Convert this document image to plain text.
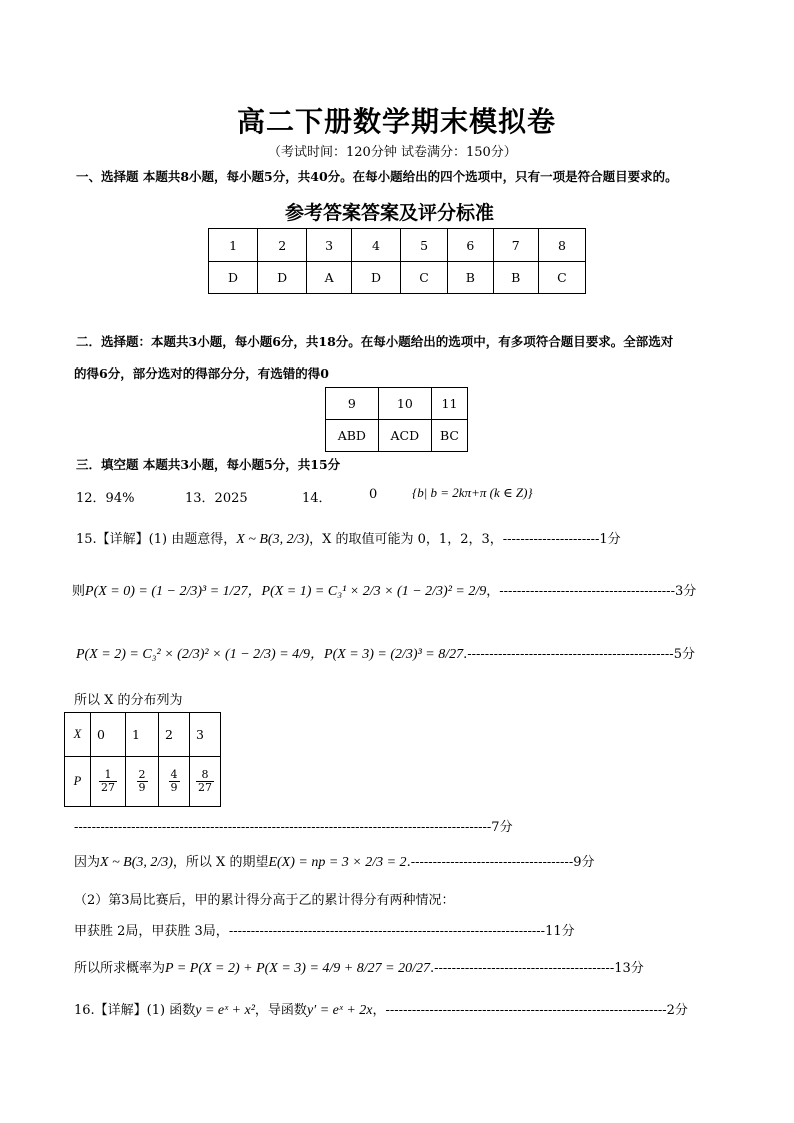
高二下册数学期末模拟卷
（考试时间：120分钟 试卷满分：150分）
一、选择题 本题共8小题，每小题5分，共40分。在每小题给出的四个选项中，只有一项是符合题目要求的。
参考答案答案及评分标准
1	2	3	4	5	6	7	8
D	D	A	D	C	B	B	C
二．选择题：本题共3小题，每小题6分，共18分。在每小题给出的选项中，有多项符合题目要求。全部选对
的得6分，部分选对的得部分分，有选错的得0
9	10	11
ABD	ACD	BC
三．填空题 本题共3小题，每小题5分，共15分
12．94%	13．2025	14．	0	{b| b = 2kπ+π (k ∈ Z)}
15.【详解】(1) 由题意得，X ~ B(3, 2/3)，X 的取值可能为 0，1，2，3，----------------------1分
则P(X = 0) = (1 − 2/3)³ = 1/27，P(X = 1) = C₃¹ × 2/3 × (1 − 2/3)² = 2/9，----------------------------------------3分
P(X = 2) = C₃² × (2/3)² × (1 − 2/3) = 4/9，P(X = 3) = (2/3)³ = 8/27.-----------------------------------------------5分
所以 X 的分布列为
X	0	1	2	3
P	$\frac{1}{27}$	$\frac{2}{9}$	$\frac{4}{9}$	$\frac{8}{27}$
-----------------------------------------------------------------------------------------------7分
因为X ~ B(3, 2/3)，所以 X 的期望E(X) = np = 3 × 2/3 = 2.-------------------------------------9分
（2）第3局比赛后，甲的累计得分高于乙的累计得分有两种情况：
甲获胜 2局，甲获胜 3局，------------------------------------------------------------------------11分
所以所求概率为P = P(X = 2) + P(X = 3) = 4/9 + 8/27 = 20/27.-----------------------------------------13分
16.【详解】(1) 函数y = eˣ + x²，导函数y′ = eˣ + 2x，----------------------------------------------------------------2分
